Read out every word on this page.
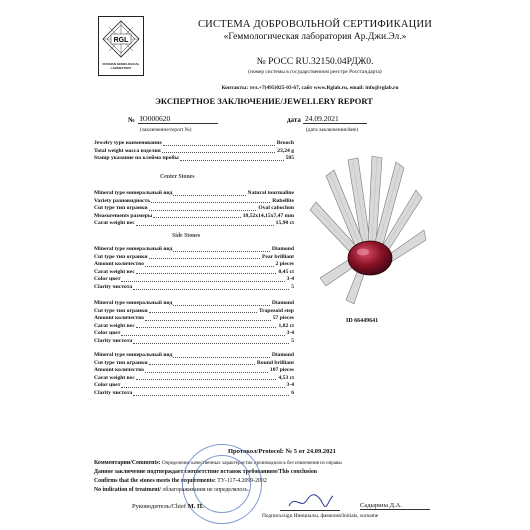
RGL
RUSSIAN GEMOLOGICAL LABORATORY
СИСТЕМА ДОБРОВОЛЬНОЙ СЕРТИФИКАЦИИ
«Геммологическая лаборатория Ар.Джи.Эл.»
№ РОСС RU.32150.04РДЖ0.
(номер системы в государственном реестре Росстандарта)
Контакты: тел.+7(495)025-03-67, сайт www.Rglab.ru, email: info@rglab.ru
ЭКСПЕРТНОЕ ЗАКЛЮЧЕНИЕ/JEWELLERY REPORT
№ Ю000620
(заключение/report №)
дата 24.09.2021
(дата заключения/date)
Jewelry type наименование	Brooch
Total weight масса изделия	23,24 g
Stamp указание на клеймо пробы	585
Mineral type минеральный вид	Natural tourmaline
Variety разновидность	Rubellite
Cut type тип огранки	Oval cabochon
Measurements размеры	18,52x14,15x7,47 mm
Carat weight вес	15,90 ct
Mineral type минеральный вид	Diamond
Cut type тип огранки	Pear brilliant
Amount количество	2 pieces
Carat weight вес	0,45 ct
Color цвет	3-4
Clarity чистота	5
Mineral type минеральный вид	Diamond
Cut type тип огранки	Trapezoid step
Amount количество	57 pieces
Carat weight вес	1,82 ct
Color цвет	3-4
Clarity чистота	5
Mineral type минеральный вид	Diamond
Cut type тип огранки	Round brilliant
Amount количество	107 pieces
Carat weight вес	4,53 ct
Color цвет	3-4
Clarity чистота	6
Center Stones
Side Stones
ID 66449641
Протокол/Protocol: № 5 от 24.09.2021
Комментарии/Comments: Определение качественных характеристик производилось без извлечения из оправы
Данное заключение подтверждает соответствие вставок требованиям/This conclusion
Confirms that the stones meets the requirements: ТУ-117-4.2099-2002
No indication of treatment/ облагораживания не определялось.
Руководитель/Chief М. П.	Садырина Д.А.
Подпись/sign Инициалы, фамилия/Initials, surname
